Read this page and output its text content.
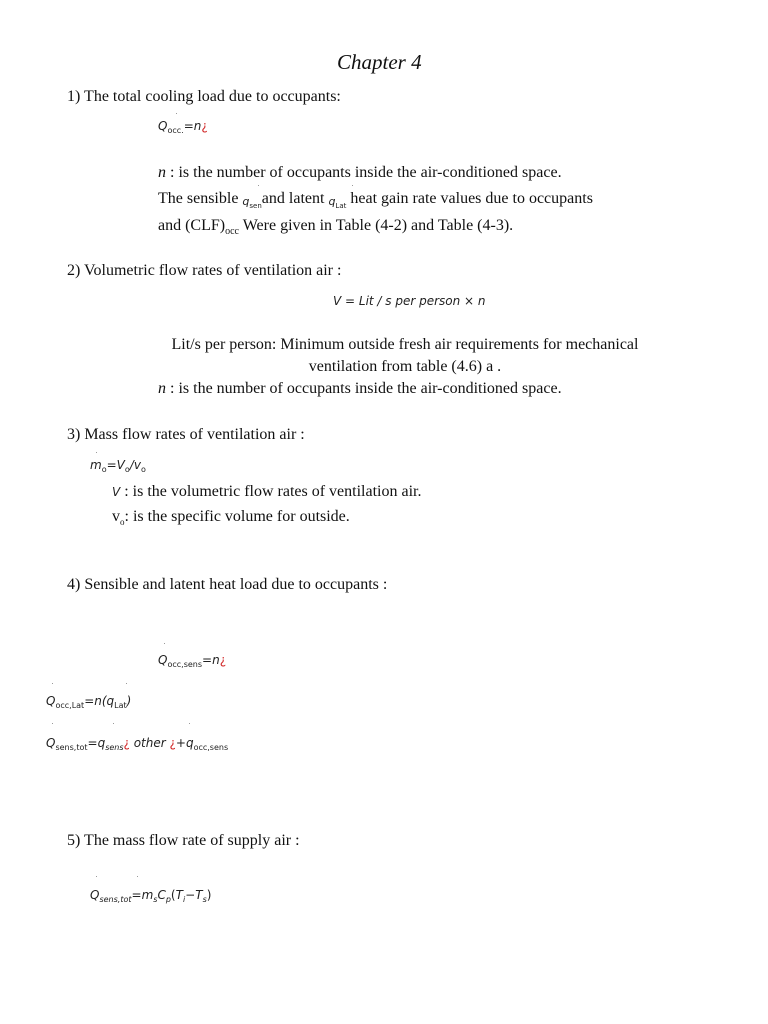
Chapter 4
1) The total cooling load due to occupants:
$Q_{occ.}=n¿$
n : is the number of occupants inside the air-conditioned space.
The sensible $q_{sen}and$ latent $q_{Lat}$ heat gain rate values due to occupants
and $(CLF)_{occ}$ Were given in Table (4-2) and Table (4-3).
2) Volumetric flow rates of ventilation air :
V = Lit / s per person × n
Lit/s per person: Minimum outside fresh air requirements for mechanical
ventilation from table (4.6) a .
n : is the number of occupants inside the air-conditioned space.
3) Mass flow rates of ventilation air :
$m_o=V_o/v_o$
V : is the volumetric flow rates of ventilation air.
$v_o$: is the specific volume for outside.
4) Sensible and latent heat load due to occupants :
$Q_{occ,sens}=n¿$
$Q_{occ,Lat}=n(q_{Lat})$
$Q_{sens,tot}=q_{sens}¿$ other ¿$+q_{occ,sens}$
5) The mass flow rate of supply air :
$Q_{sens,tot}=m_sC_p(T_i-T_s)$
